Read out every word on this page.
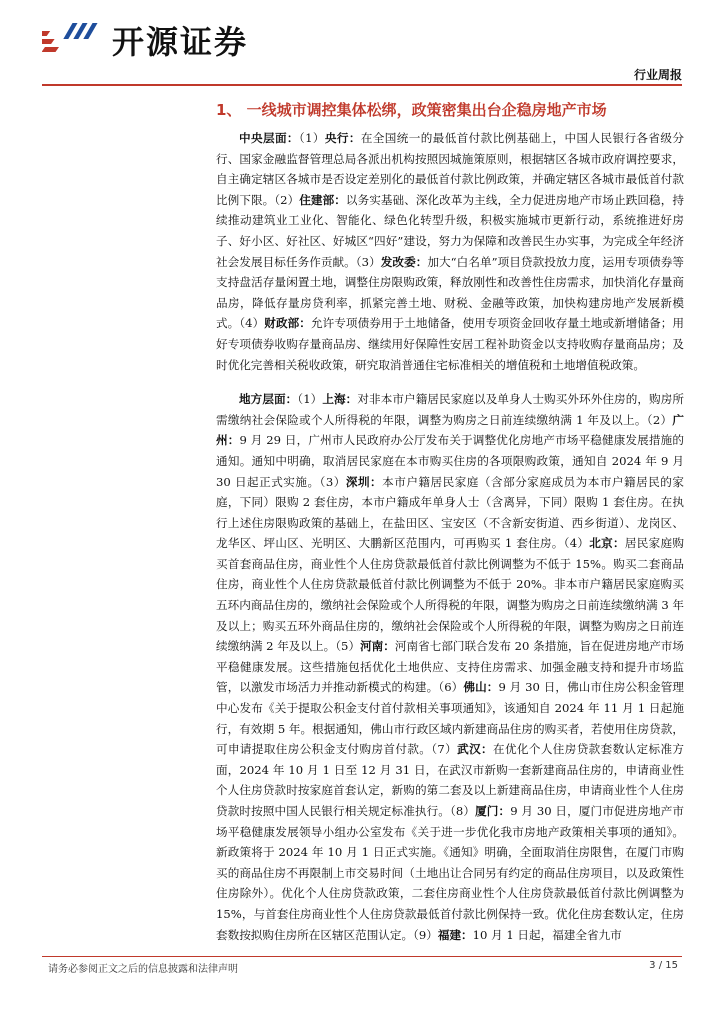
开源证券
行业周报
1、 一线城市调控集体松绑，政策密集出台企稳房地产市场

中央层面：（1）央行：在全国统一的最低首付款比例基础上，中国人民银行各省级分行、国家金融监督管理总局各派出机构按照因城施策原则，根据辖区各城市政府调控要求，自主确定辖区各城市是否设定差别化的最低首付款比例政策，并确定辖区各城市最低首付款比例下限。（2）住建部：以务实基础、深化改革为主线，全力促进房地产市场止跌回稳，持续推动建筑业工业化、智能化、绿色化转型升级，积极实施城市更新行动，系统推进好房子、好小区、好社区、好城区“四好”建设，努力为保障和改善民生办实事，为完成全年经济社会发展目标任务作贡献。（3）发改委：加大“白名单”项目贷款投放力度，运用专项债券等支持盘活存量闲置土地，调整住房限购政策，释放刚性和改善性住房需求，加快消化存量商品房，降低存量房贷利率，抓紧完善土地、财税、金融等政策，加快构建房地产发展新模式。（4）财政部：允许专项债券用于土地储备，使用专项资金回收存量土地或新增储备；用好专项债券收购存量商品房、继续用好保障性安居工程补助资金以支持收购存量商品房；及时优化完善相关税收政策，研究取消普通住宅标准相关的增值税和土地增值税政策。

地方层面：（1）上海：对非本市户籍居民家庭以及单身人士购买外环外住房的，购房所需缴纳社会保险或个人所得税的年限，调整为购房之日前连续缴纳满 1 年及以上。（2）广州：9 月 29 日，广州市人民政府办公厅发布关于调整优化房地产市场平稳健康发展措施的通知。通知中明确，取消居民家庭在本市购买住房的各项限购政策，通知自 2024 年 9 月 30 日起正式实施。（3）深圳：本市户籍居民家庭（含部分家庭成员为本市户籍居民的家庭，下同）限购 2 套住房，本市户籍成年单身人士（含离异，下同）限购 1 套住房。在执行上述住房限购政策的基础上，在盐田区、宝安区（不含新安街道、西乡街道）、龙岗区、龙华区、坪山区、光明区、大鹏新区范围内，可再购买 1 套住房。（4）北京：居民家庭购买首套商品住房，商业性个人住房贷款最低首付款比例调整为不低于 15%。购买二套商品住房，商业性个人住房贷款最低首付款比例调整为不低于 20%。非本市户籍居民家庭购买五环内商品住房的，缴纳社会保险或个人所得税的年限，调整为购房之日前连续缴纳满 3 年及以上；购买五环外商品住房的，缴纳社会保险或个人所得税的年限，调整为购房之日前连续缴纳满 2 年及以上。（5）河南：河南省七部门联合发布 20 条措施，旨在促进房地产市场平稳健康发展。这些措施包括优化土地供应、支持住房需求、加强金融支持和提升市场监管，以激发市场活力并推动新模式的构建。（6）佛山：9 月 30 日，佛山市住房公积金管理中心发布《关于提取公积金支付首付款相关事项通知》，该通知自 2024 年 11 月 1 日起施行，有效期 5 年。根据通知，佛山市行政区域内新建商品住房的购买者，若使用住房贷款，可申请提取住房公积金支付购房首付款。（7）武汉：在优化个人住房贷款套数认定标准方面，2024 年 10 月 1 日至 12 月 31 日，在武汉市新购一套新建商品住房的，申请商业性个人住房贷款时按家庭首套认定，新购的第二套及以上新建商品住房，申请商业性个人住房贷款时按照中国人民银行相关规定标准执行。（8）厦门：9 月 30 日，厦门市促进房地产市场平稳健康发展领导小组办公室发布《关于进一步优化我市房地产政策相关事项的通知》。新政策将于 2024 年 10 月 1 日正式实施。《通知》明确，全面取消住房限售，在厦门市购买的商品住房不再限制上市交易时间（土地出让合同另有约定的商品住房项目，以及政策性住房除外）。优化个人住房贷款政策，二套住房商业性个人住房贷款最低首付款比例调整为 15%，与首套住房商业性个人住房贷款最低首付款比例保持一致。优化住房套数认定，住房套数按拟购住房所在区辖区范围认定。（9）福建：10 月 1 日起，福建全省九市

请务必参阅正文之后的信息披露和法律声明	3 / 15
